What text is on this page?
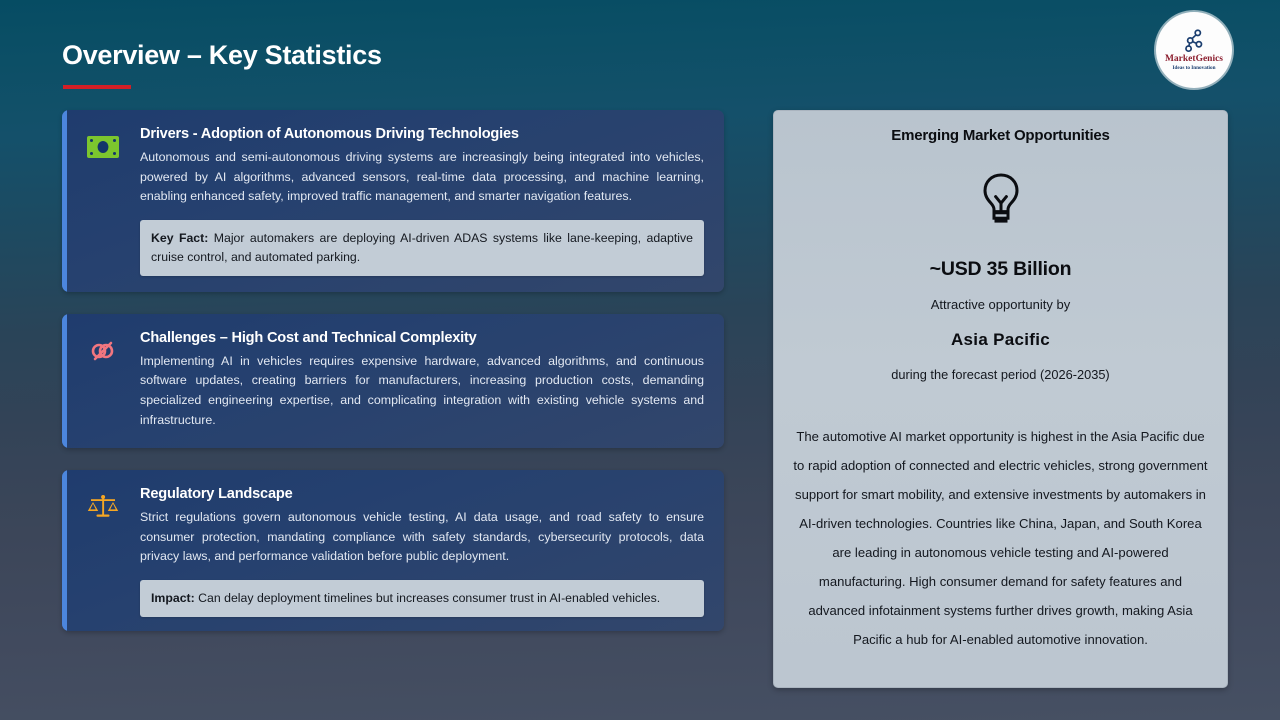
Overview – Key Statistics	MarketGenics
Ideas to Innovation
Drivers - Adoption of Autonomous Driving Technologies
Autonomous and semi-autonomous driving systems are increasingly being integrated into vehicles, powered by AI algorithms, advanced sensors, real-time data processing, and machine learning, enabling enhanced safety, improved traffic management, and smarter navigation features.
Key Fact: Major automakers are deploying AI-driven ADAS systems like lane-keeping, adaptive cruise control, and automated parking.
Challenges – High Cost and Technical Complexity
Implementing AI in vehicles requires expensive hardware, advanced algorithms, and continuous software updates, creating barriers for manufacturers, increasing production costs, demanding specialized engineering expertise, and complicating integration with existing vehicle systems and infrastructure.
Regulatory Landscape
Strict regulations govern autonomous vehicle testing, AI data usage, and road safety to ensure consumer protection, mandating compliance with safety standards, cybersecurity protocols, data privacy laws, and performance validation before public deployment.
Impact: Can delay deployment timelines but increases consumer trust in AI-enabled vehicles.
Emerging Market Opportunities
~USD 35 Billion
Attractive opportunity by
Asia Pacific
during the forecast period (2026-2035)
The automotive AI market opportunity is highest in the Asia Pacific due to rapid adoption of connected and electric vehicles, strong government support for smart mobility, and extensive investments by automakers in AI-driven technologies. Countries like China, Japan, and South Korea are leading in autonomous vehicle testing and AI-powered manufacturing. High consumer demand for safety features and advanced infotainment systems further drives growth, making Asia Pacific a hub for AI-enabled automotive innovation.
